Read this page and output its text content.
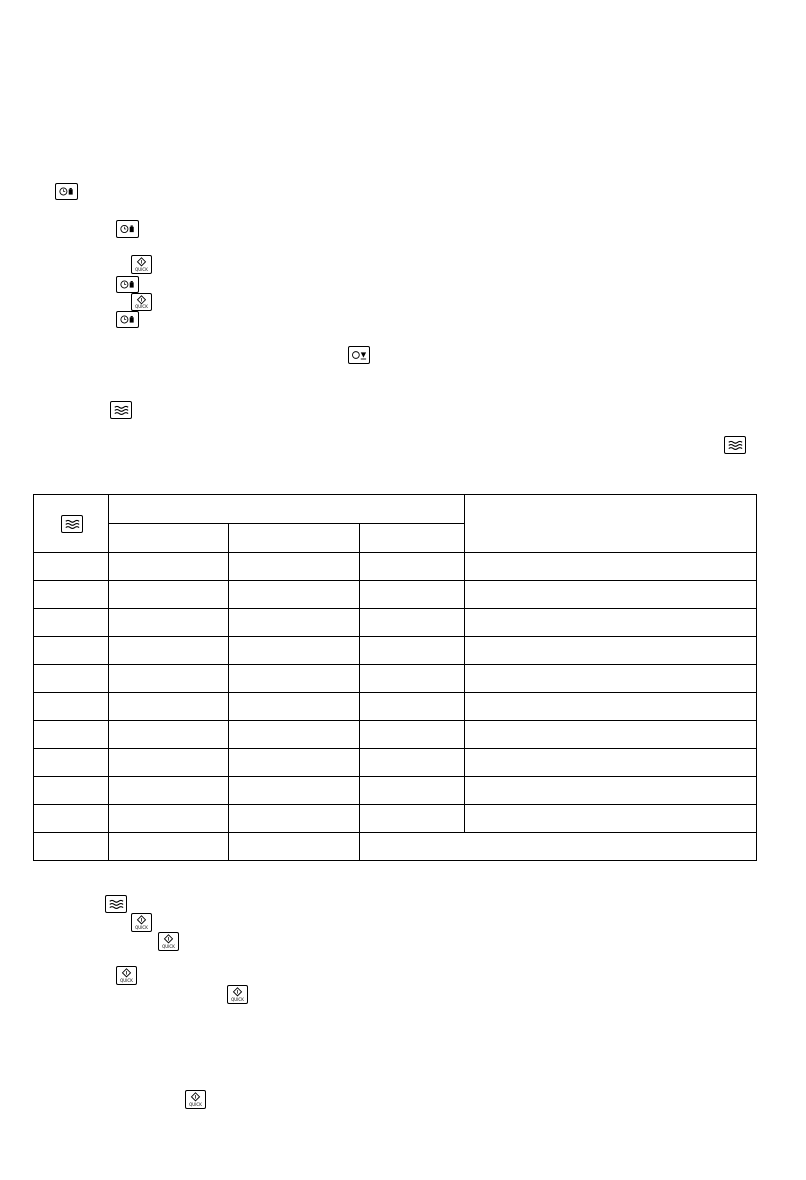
QUICK
QUICK
QUICK
QUICK
QUICK
QUICK
QUICK
